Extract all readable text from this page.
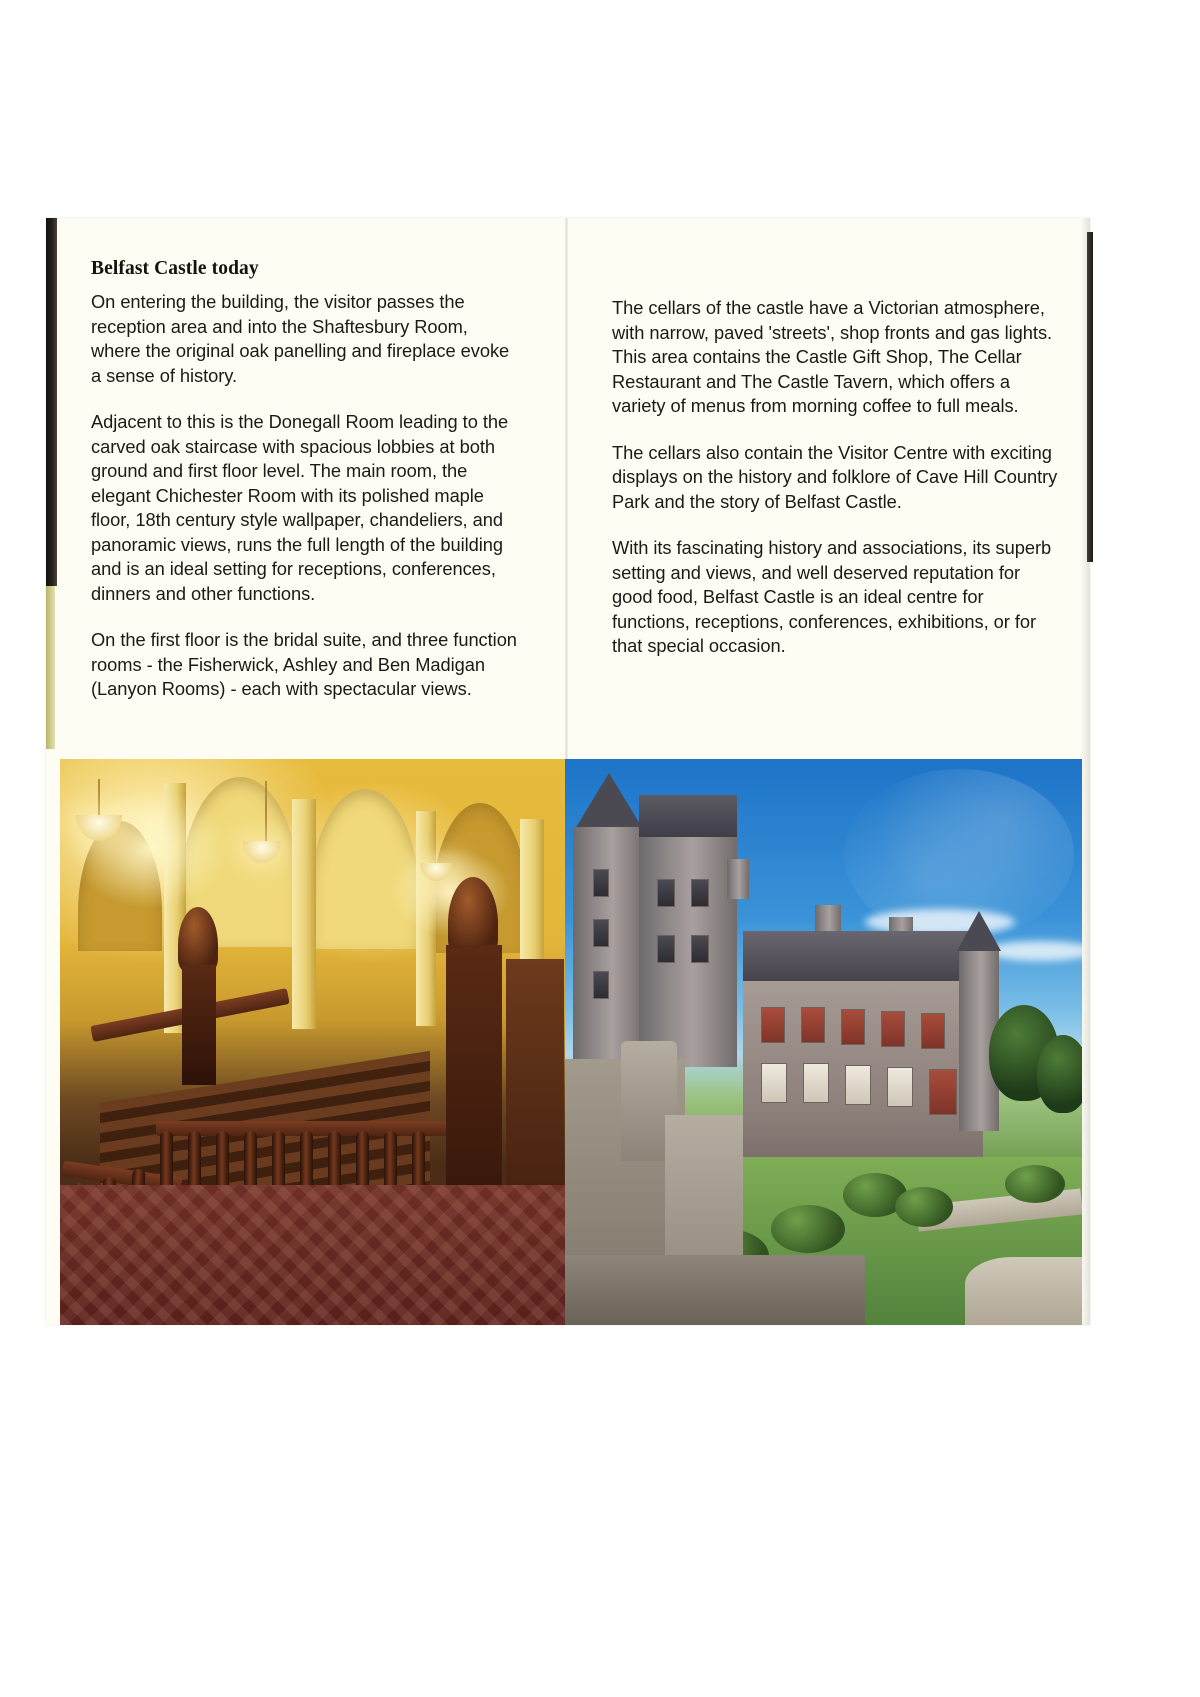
Belfast Castle today

On entering the building, the visitor passes the reception area and into the Shaftesbury Room, where the original oak panelling and fireplace evoke a sense of history.

Adjacent to this is the Donegall Room leading to the carved oak staircase with spacious lobbies at both ground and first floor level. The main room, the elegant Chichester Room with its polished maple floor, 18th century style wallpaper, chandeliers, and panoramic views, runs the full length of the building and is an ideal setting for receptions, conferences, dinners and other functions.

On the first floor is the bridal suite, and three function rooms - the Fisherwick, Ashley and Ben Madigan (Lanyon Rooms) - each with spectacular views.

The cellars of the castle have a Victorian atmosphere, with narrow, paved 'streets', shop fronts and gas lights. This area contains the Castle Gift Shop, The Cellar Restaurant and The Castle Tavern, which offers a variety of menus from morning coffee to full meals.

The cellars also contain the Visitor Centre with exciting displays on the history and folklore of Cave Hill Country Park and the story of Belfast Castle.

With its fascinating history and associations, its superb setting and views, and well deserved reputation for good food, Belfast Castle is an ideal centre for functions, receptions, conferences, exhibitions, or for that special occasion.
